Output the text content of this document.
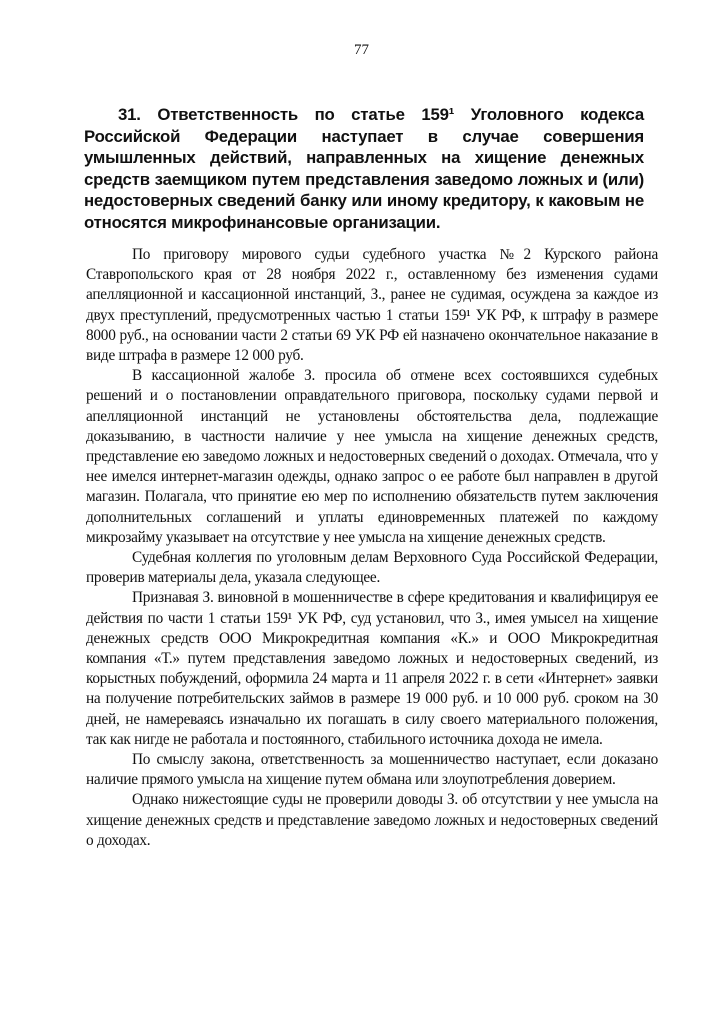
77
31. Ответственность по статье 159¹ Уголовного кодекса Российской Федерации наступает в случае совершения умышленных действий, направленных на хищение денежных средств заемщиком путем представления заведомо ложных и (или) недостоверных сведений банку или иному кредитору, к каковым не относятся микрофинансовые организации.

По приговору мирового судьи судебного участка №2 Курского района Ставропольского края от 28 ноября 2022 г., оставленному без изменения судами апелляционной и кассационной инстанций, З., ранее не судимая, осуждена за каждое из двух преступлений, предусмотренных частью 1 статьи 159¹ УК РФ, к штрафу в размере 8000 руб., на основании части 2 статьи 69 УК РФ ей назначено окончательное наказание в виде штрафа в размере 12 000 руб.

В кассационной жалобе З. просила об отмене всех состоявшихся судебных решений и о постановлении оправдательного приговора, поскольку судами первой и апелляционной инстанций не установлены обстоятельства дела, подлежащие доказыванию, в частности наличие у нее умысла на хищение денежных средств, представление ею заведомо ложных и недостоверных сведений о доходах. Отмечала, что у нее имелся интернет-магазин одежды, однако запрос о ее работе был направлен в другой магазин. Полагала, что принятие ею мер по исполнению обязательств путем заключения дополнительных соглашений и уплаты единовременных платежей по каждому микрозайму указывает на отсутствие у нее умысла на хищение денежных средств.

Судебная коллегия по уголовным делам Верховного Суда Российской Федерации, проверив материалы дела, указала следующее.

Признавая З. виновной в мошенничестве в сфере кредитования и квалифицируя ее действия по части 1 статьи 159¹ УК РФ, суд установил, что З., имея умысел на хищение денежных средств ООО Микрокредитная компания «К.» и ООО Микрокредитная компания «Т.» путем представления заведомо ложных и недостоверных сведений, из корыстных побуждений, оформила 24 марта и 11 апреля 2022 г. в сети «Интернет» заявки на получение потребительских займов в размере 19 000 руб. и 10 000 руб. сроком на 30 дней, не намереваясь изначально их погашать в силу своего материального положения, так как нигде не работала и постоянного, стабильного источника дохода не имела.

По смыслу закона, ответственность за мошенничество наступает, если доказано наличие прямого умысла на хищение путем обмана или злоупотребления доверием.

Однако нижестоящие суды не проверили доводы З. об отсутствии у нее умысла на хищение денежных средств и представление заведомо ложных и недостоверных сведений о доходах.
